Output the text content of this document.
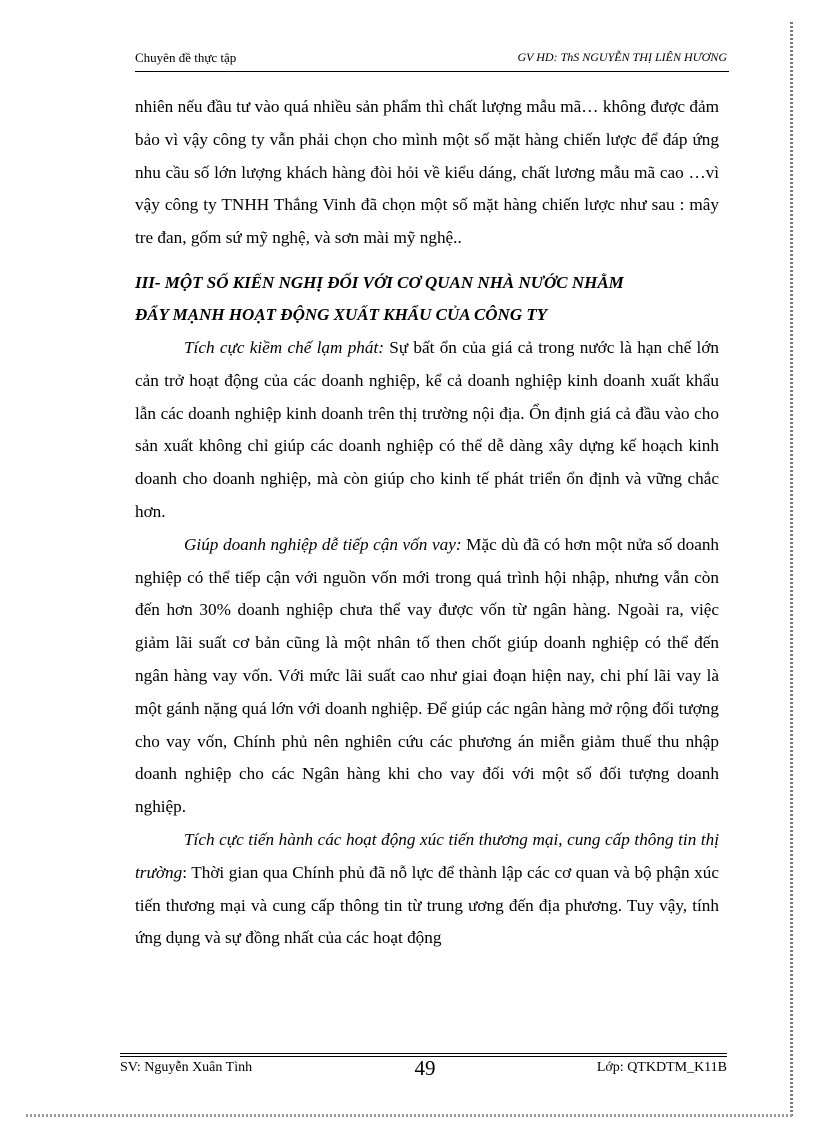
Chuyên đề thực tập	GV HD: ThS NGUYỄN THỊ LIÊN HƯƠNG

nhiên nếu đầu tư vào quá nhiều sản phẩm thì chất lượng mẫu mã… không được đảm bảo vì vậy công ty vẫn phải chọn cho mình một số mặt hàng chiến lược để đáp ứng nhu cầu số lớn lượng khách hàng đòi hỏi về kiểu dáng, chất lương mẫu mã cao …vì vậy công ty TNHH Thắng Vinh đã chọn một số mặt hàng chiến lược như sau : mây tre đan, gốm sứ mỹ nghệ, và sơn mài mỹ nghệ..

III- MỘT SỐ KIẾN NGHỊ ĐỐI VỚI CƠ QUAN NHÀ NƯỚC NHẰM

ĐẨY MẠNH HOẠT ĐỘNG XUẤT KHẨU CỦA CÔNG TY

Tích cực kiềm chế lạm phát: Sự bất ổn của giá cả trong nước là hạn chế lớn cản trở hoạt động của các doanh nghiệp, kể cả doanh nghiệp kinh doanh xuất khẩu lẫn các doanh nghiệp kinh doanh trên thị trường nội địa. Ổn định giá cả đầu vào cho sản xuất không chỉ giúp các doanh nghiệp có thể dễ dàng xây dựng kế hoạch kinh doanh cho doanh nghiệp, mà còn giúp cho kinh tế phát triển ổn định và vững chắc hơn.

Giúp doanh nghiệp dễ tiếp cận vốn vay: Mặc dù đã có hơn một nửa số doanh nghiệp có thể tiếp cận với nguồn vốn mới trong quá trình hội nhập, nhưng vẫn còn đến hơn 30% doanh nghiệp chưa thể vay được vốn từ ngân hàng. Ngoài ra, việc giảm lãi suất cơ bản cũng là một nhân tố then chốt giúp doanh nghiệp có thể đến ngân hàng vay vốn. Với mức lãi suất cao như giai đoạn hiện nay, chi phí lãi vay là một gánh nặng quá lớn với doanh nghiệp. Để giúp các ngân hàng mở rộng đối tượng cho vay vốn, Chính phủ nên nghiên cứu các phương án miễn giảm thuế thu nhập doanh nghiệp cho các Ngân hàng khi cho vay đối với một số đối tượng doanh nghiệp.

Tích cực tiến hành các hoạt động xúc tiến thương mại, cung cấp thông tin thị trường: Thời gian qua Chính phủ đã nỗ lực để thành lập các cơ quan và bộ phận xúc tiến thương mại và cung cấp thông tin từ trung ương đến địa phương. Tuy vậy, tính ứng dụng và sự đồng nhất của các hoạt động

SV: Nguyễn Xuân Tình	49	Lớp: QTKDTM_K11B
